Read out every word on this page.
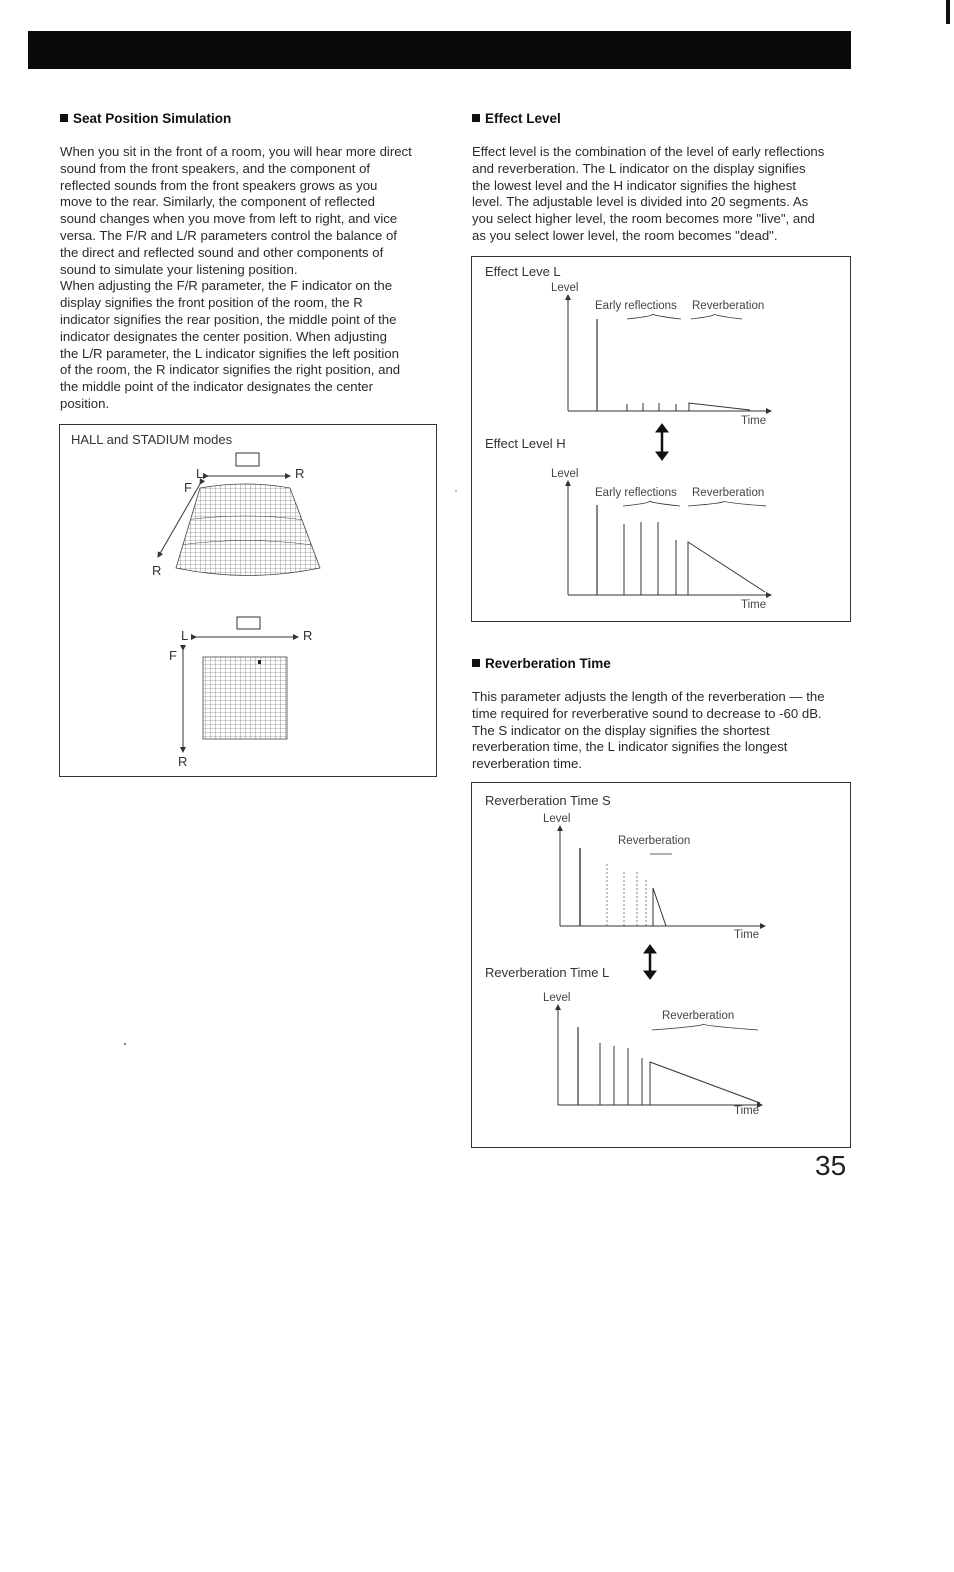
Seat Position Simulation

When you sit in the front of a room, you will hear more direct
sound from the front speakers, and the component of
reflected sounds from the front speakers grows as you
move to the rear. Similarly, the component of reflected
sound changes when you move from left to right, and vice
versa. The F/R and L/R parameters control the balance of
the direct and reflected sound and other components of
sound to simulate your listening position.
When adjusting the F/R parameter, the F indicator on the
display signifies the front position of the room, the R
indicator signifies the rear position, the middle point of the
indicator designates the center position. When adjusting
the L/R parameter, the L indicator signifies the left position
of the room, the R indicator signifies the right position, and
the middle point of the indicator designates the center
position.

HALL and STADIUM modes
L	R
F
R
L	R
F
R
Effect Level

Effect level is the combination of the level of early reflections
and reverberation. The L indicator on the display signifies
the lowest level and the H indicator signifies the highest
level. The adjustable level is divided into 20 segments. As
you select higher level, the room becomes more "live", and
as you select lower level, the room becomes "dead".

Effect Leve L
Level
Early reflections Reverberation
Time
Effect Level H
Level
Early reflections Reverberation
Time
Reverberation Time

This parameter adjusts the length of the reverberation — the
time required for reverberative sound to decrease to -60 dB.
The S indicator on the display signifies the shortest
reverberation time, the L indicator signifies the longest
reverberation time.

Reverberation Time S
Level
Reverberation
Time
Reverberation Time L
Level
Reverberation
Time
35
